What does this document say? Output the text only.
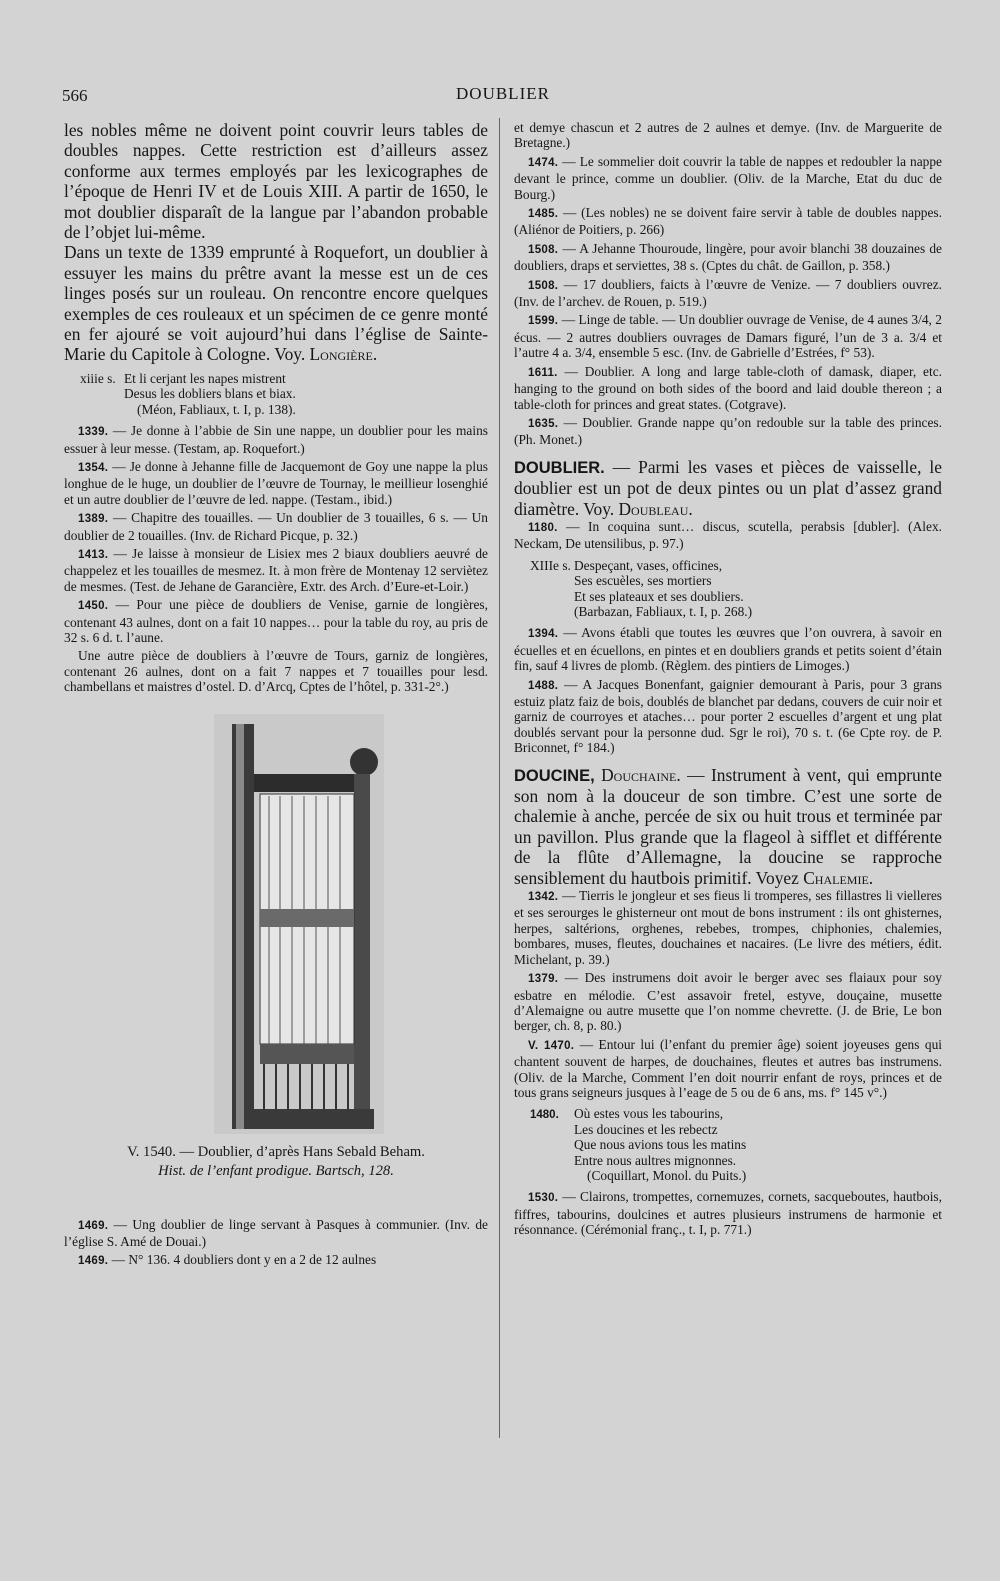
566	DOUBLIER

les nobles même ne doivent point couvrir leurs tables de doubles nappes. Cette restriction est d’ailleurs assez conforme aux termes employés par les lexicographes de l’époque de Henri IV et de Louis XIII. A partir de 1650, le mot doublier disparaît de la langue par l’abandon probable de l’objet lui-même.

Dans un texte de 1339 emprunté à Roquefort, un doublier à essuyer les mains du prêtre avant la messe est un de ces linges posés sur un rouleau. On rencontre encore quelques exemples de ces rouleaux et un spécimen de ce genre monté en fer ajouré se voit aujourd’hui dans l’église de Sainte-Marie du Capitole à Cologne. Voy. Longière.

xiiie s. Et li cerjant les napes mistrent
Desus les dobliers blans et biax.
(Méon, Fabliaux, t. I, p. 138).

1339. — Je donne à l’abbie de Sin une nappe, un doublier pour les mains essuer à leur messe. (Testam, ap. Roquefort.)

1354. — Je donne à Jehanne fille de Jacquemont de Goy une nappe la plus longhue de le huge, un doublier de l’œuvre de Tournay, le meillieur losenghié et un autre doublier de l’œuvre de led. nappe. (Testam., ibid.)

1389. — Chapitre des touailles. — Un doublier de 3 touailles, 6 s. — Un doublier de 2 touailles. (Inv. de Richard Picque, p. 32.)

1413. — Je laisse à monsieur de Lisiex mes 2 biaux doubliers aeuvré de chappelez et les touailles de mesmez. It. à mon frère de Montenay 12 serviètez de mesmes. (Test. de Jehane de Garancière, Extr. des Arch. d’Eure-et-Loir.)

1450. — Pour une pièce de doubliers de Venise, garnie de longières, contenant 43 aulnes, dont on a fait 10 nappes… pour la table du roy, au pris de 32 s. 6 d. t. l’aune.

Une autre pièce de doubliers à l’œuvre de Tours, garniz de longières, contenant 26 aulnes, dont on a fait 7 nappes et 7 touailles pour lesd. chambellans et maistres d’ostel. D. d’Arcq, Cptes de l’hôtel, p. 331-2°.)

V. 1540. — Doublier, d’après Hans Sebald Beham.
Hist. de l’enfant prodigue. Bartsch, 128.

1469. — Ung doublier de linge servant à Pasques à communier. (Inv. de l’église S. Amé de Douai.)

1469. — N° 136. 4 doubliers dont y en a 2 de 12 aulnes

et demye chascun et 2 autres de 2 aulnes et demye. (Inv. de Marguerite de Bretagne.)

1474. — Le sommelier doit couvrir la table de nappes et redoubler la nappe devant le prince, comme un doublier. (Oliv. de la Marche, Etat du duc de Bourg.)

1485. — (Les nobles) ne se doivent faire servir à table de doubles nappes. (Aliénor de Poitiers, p. 266)

1508. — A Jehanne Thouroude, lingère, pour avoir blanchi 38 douzaines de doubliers, draps et serviettes, 38 s. (Cptes du chât. de Gaillon, p. 358.)

1508. — 17 doubliers, faicts à l’œuvre de Venize. — 7 doubliers ouvrez. (Inv. de l’archev. de Rouen, p. 519.)

1599. — Linge de table. — Un doublier ouvrage de Venise, de 4 aunes 3/4, 2 écus. — 2 autres doubliers ouvrages de Damars figuré, l’un de 3 a. 3/4 et l’autre 4 a. 3/4, ensemble 5 esc. (Inv. de Gabrielle d’Estrées, f° 53).

1611. — Doublier. A long and large table-cloth of damask, diaper, etc. hanging to the ground on both sides of the boord and laid double thereon ; a table-cloth for princes and great states. (Cotgrave).

1635. — Doublier. Grande nappe qu’on redouble sur la table des princes. (Ph. Monet.)

DOUBLIER. — Parmi les vases et pièces de vaisselle, le doublier est un pot de deux pintes ou un plat d’assez grand diamètre. Voy. Doubleau.

1180. — In coquina sunt… discus, scutella, perabsis [dubler]. (Alex. Neckam, De utensilibus, p. 97.)

XIIIe s. Despeçant, vases, officines,
Ses escuèles, ses mortiers
Et ses plateaux et ses doubliers.
(Barbazan, Fabliaux, t. I, p. 268.)

1394. — Avons établi que toutes les œuvres que l’on ouvrera, à savoir en écuelles et en écuellons, en pintes et en doubliers grands et petits soient d’étain fin, sauf 4 livres de plomb. (Règlem. des pintiers de Limoges.)

1488. — A Jacques Bonenfant, gaignier demourant à Paris, pour 3 grans estuiz platz faiz de bois, doublés de blanchet par dedans, couvers de cuir noir et garniz de courroyes et ataches… pour porter 2 escuelles d’argent et ung plat doublés servant pour la personne dud. Sgr le roi), 70 s. t. (6e Cpte roy. de P. Briconnet, f° 184.)

DOUCINE, Douchaine. — Instrument à vent, qui emprunte son nom à la douceur de son timbre. C’est une sorte de chalemie à anche, percée de six ou huit trous et terminée par un pavillon. Plus grande que la flageol à sifflet et différente de la flûte d’Allemagne, la doucine se rapproche sensiblement du hautbois primitif. Voyez Chalemie.

1342. — Tierris le jongleur et ses fieus li tromperes, ses fillastres li vielleres et ses serourges le ghisterneur ont mout de bons instrument : ils ont ghisternes, herpes, saltérions, orghenes, rebebes, trompes, chiphonies, chalemies, bombares, muses, fleutes, douchaines et nacaires. (Le livre des métiers, édit. Michelant, p. 39.)

1379. — Des instrumens doit avoir le berger avec ses flaiaux pour soy esbatre en mélodie. C’est assavoir fretel, estyve, douçaine, musette d’Alemaigne ou autre musette que l’on nomme chevrette. (J. de Brie, Le bon berger, ch. 8, p. 80.)

V. 1470. — Entour lui (l’enfant du premier âge) soient joyeuses gens qui chantent souvent de harpes, de douchaines, fleutes et autres bas instrumens. (Oliv. de la Marche, Comment l’en doit nourrir enfant de roys, princes et de tous grans seigneurs jusques à l’eage de 5 ou de 6 ans, ms. f° 145 v°.)

1480.	Où estes vous les tabourins,
Les doucines et les rebectz
Que nous avions tous les matins
Entre nous aultres mignonnes.
(Coquillart, Monol. du Puits.)

1530. — Clairons, trompettes, cornemuzes, cornets, sacqueboutes, hautbois, fiffres, tabourins, doulcines et autres plusieurs instrumens de harmonie et résonnance. (Cérémonial franç., t. I, p. 771.)
